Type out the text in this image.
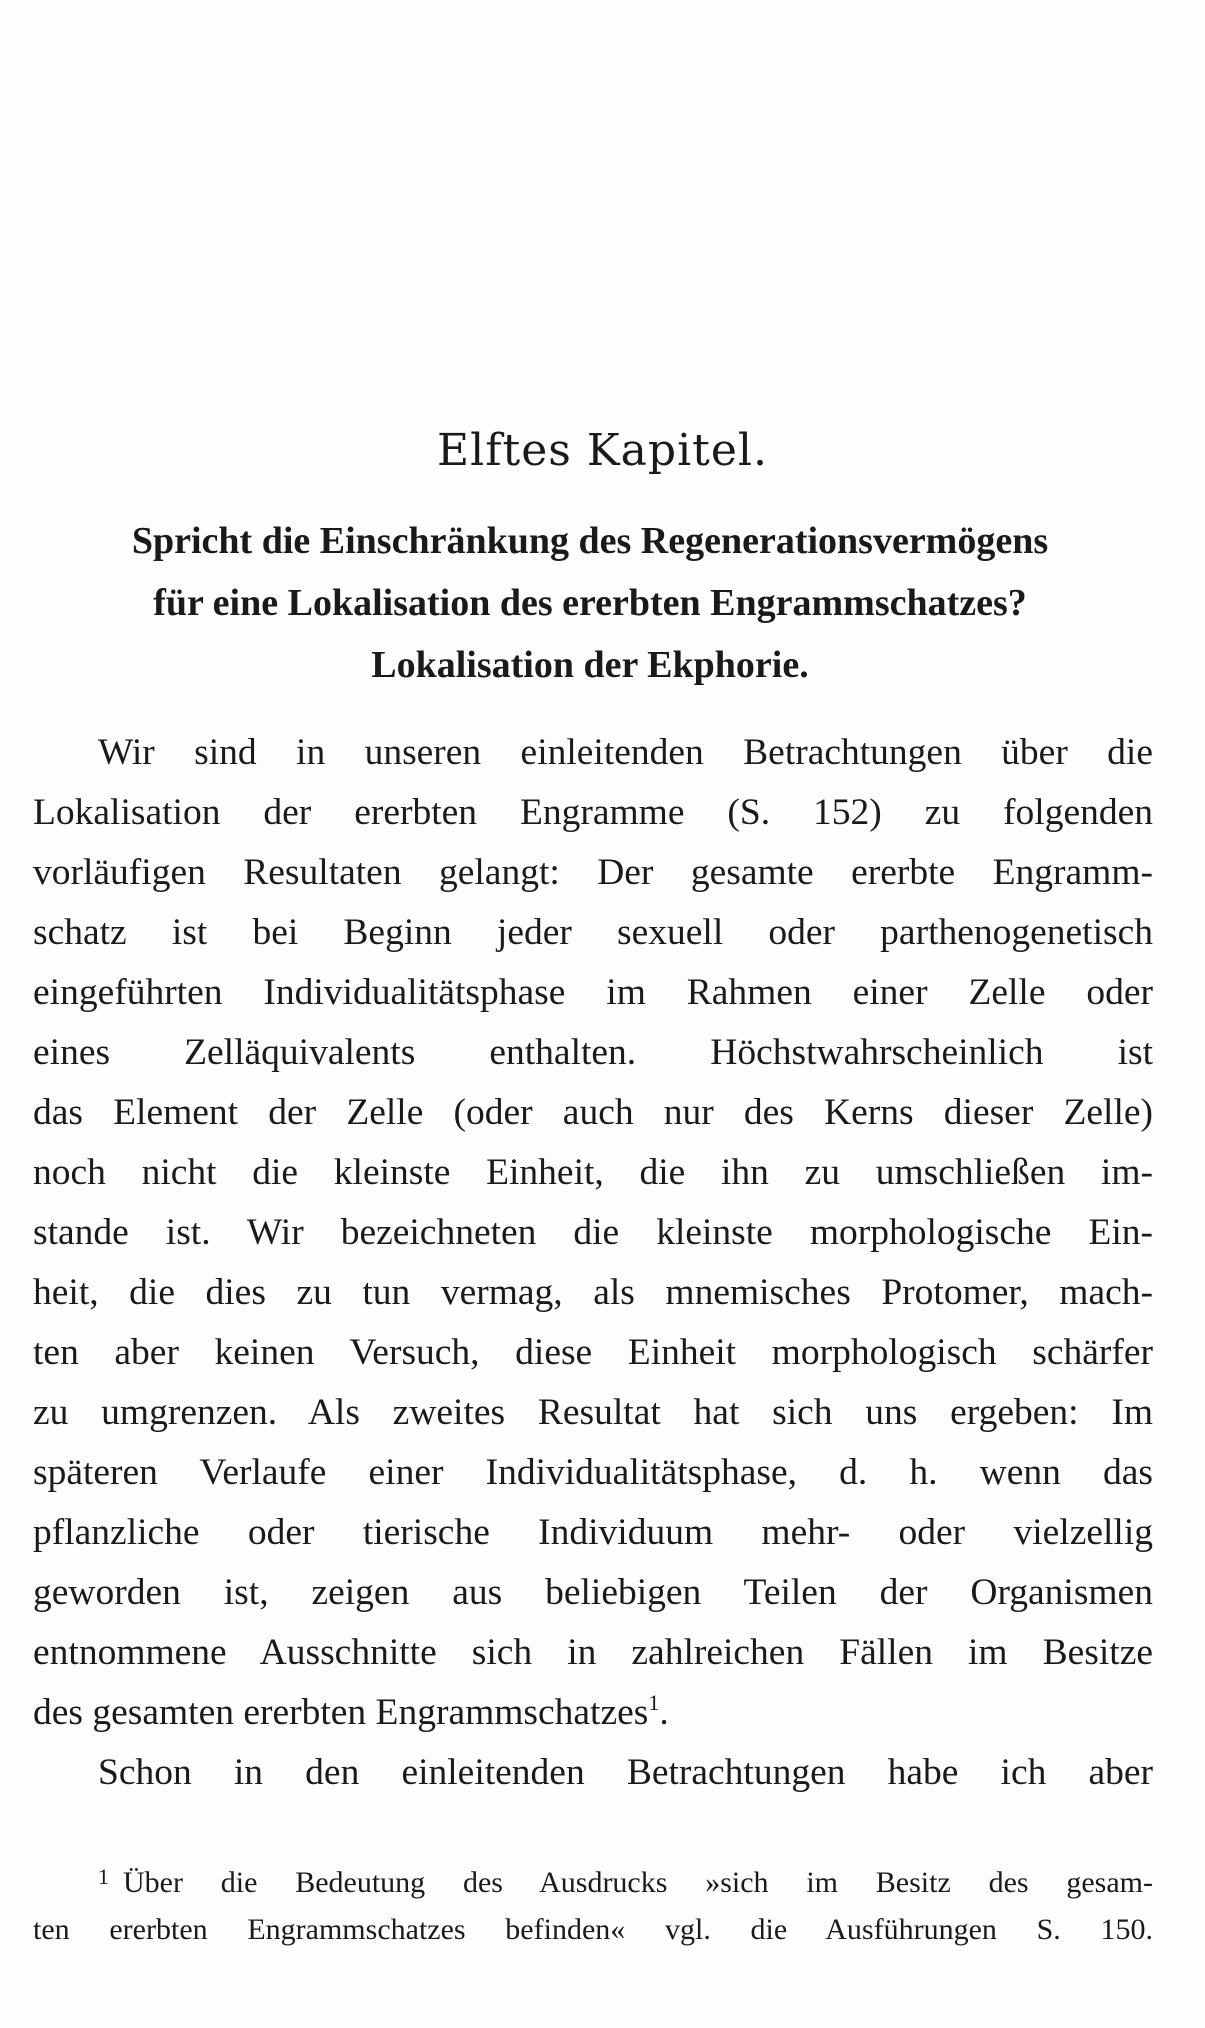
Elftes Kapitel.
Spricht die Einschränkung des Regenerationsvermögens
für eine Lokalisation des ererbten Engrammschatzes?
Lokalisation der Ekphorie.
Wir sind in unseren einleitenden Betrachtungen über die
Lokalisation der ererbten Engramme (S. 152) zu folgenden
vorläufigen Resultaten gelangt: Der gesamte ererbte Engramm-
schatz ist bei Beginn jeder sexuell oder parthenogenetisch
eingeführten Individualitätsphase im Rahmen einer Zelle oder
eines Zelläquivalents enthalten. Höchstwahrscheinlich ist
das Element der Zelle (oder auch nur des Kerns dieser Zelle)
noch nicht die kleinste Einheit, die ihn zu umschließen im-
stande ist. Wir bezeichneten die kleinste morphologische Ein-
heit, die dies zu tun vermag, als mnemisches Protomer, mach-
ten aber keinen Versuch, diese Einheit morphologisch schärfer
zu umgrenzen. Als zweites Resultat hat sich uns ergeben: Im
späteren Verlaufe einer Individualitätsphase, d. h. wenn das
pflanzliche oder tierische Individuum mehr- oder vielzellig
geworden ist, zeigen aus beliebigen Teilen der Organismen
entnommene Ausschnitte sich in zahlreichen Fällen im Besitze
des gesamten ererbten Engrammschatzes$^1$.
Schon in den einleitenden Betrachtungen habe ich aber
$^1$ Über die Bedeutung des Ausdrucks »sich im Besitz des gesam-
ten ererbten Engrammschatzes befinden« vgl. die Ausführungen S. 150.
